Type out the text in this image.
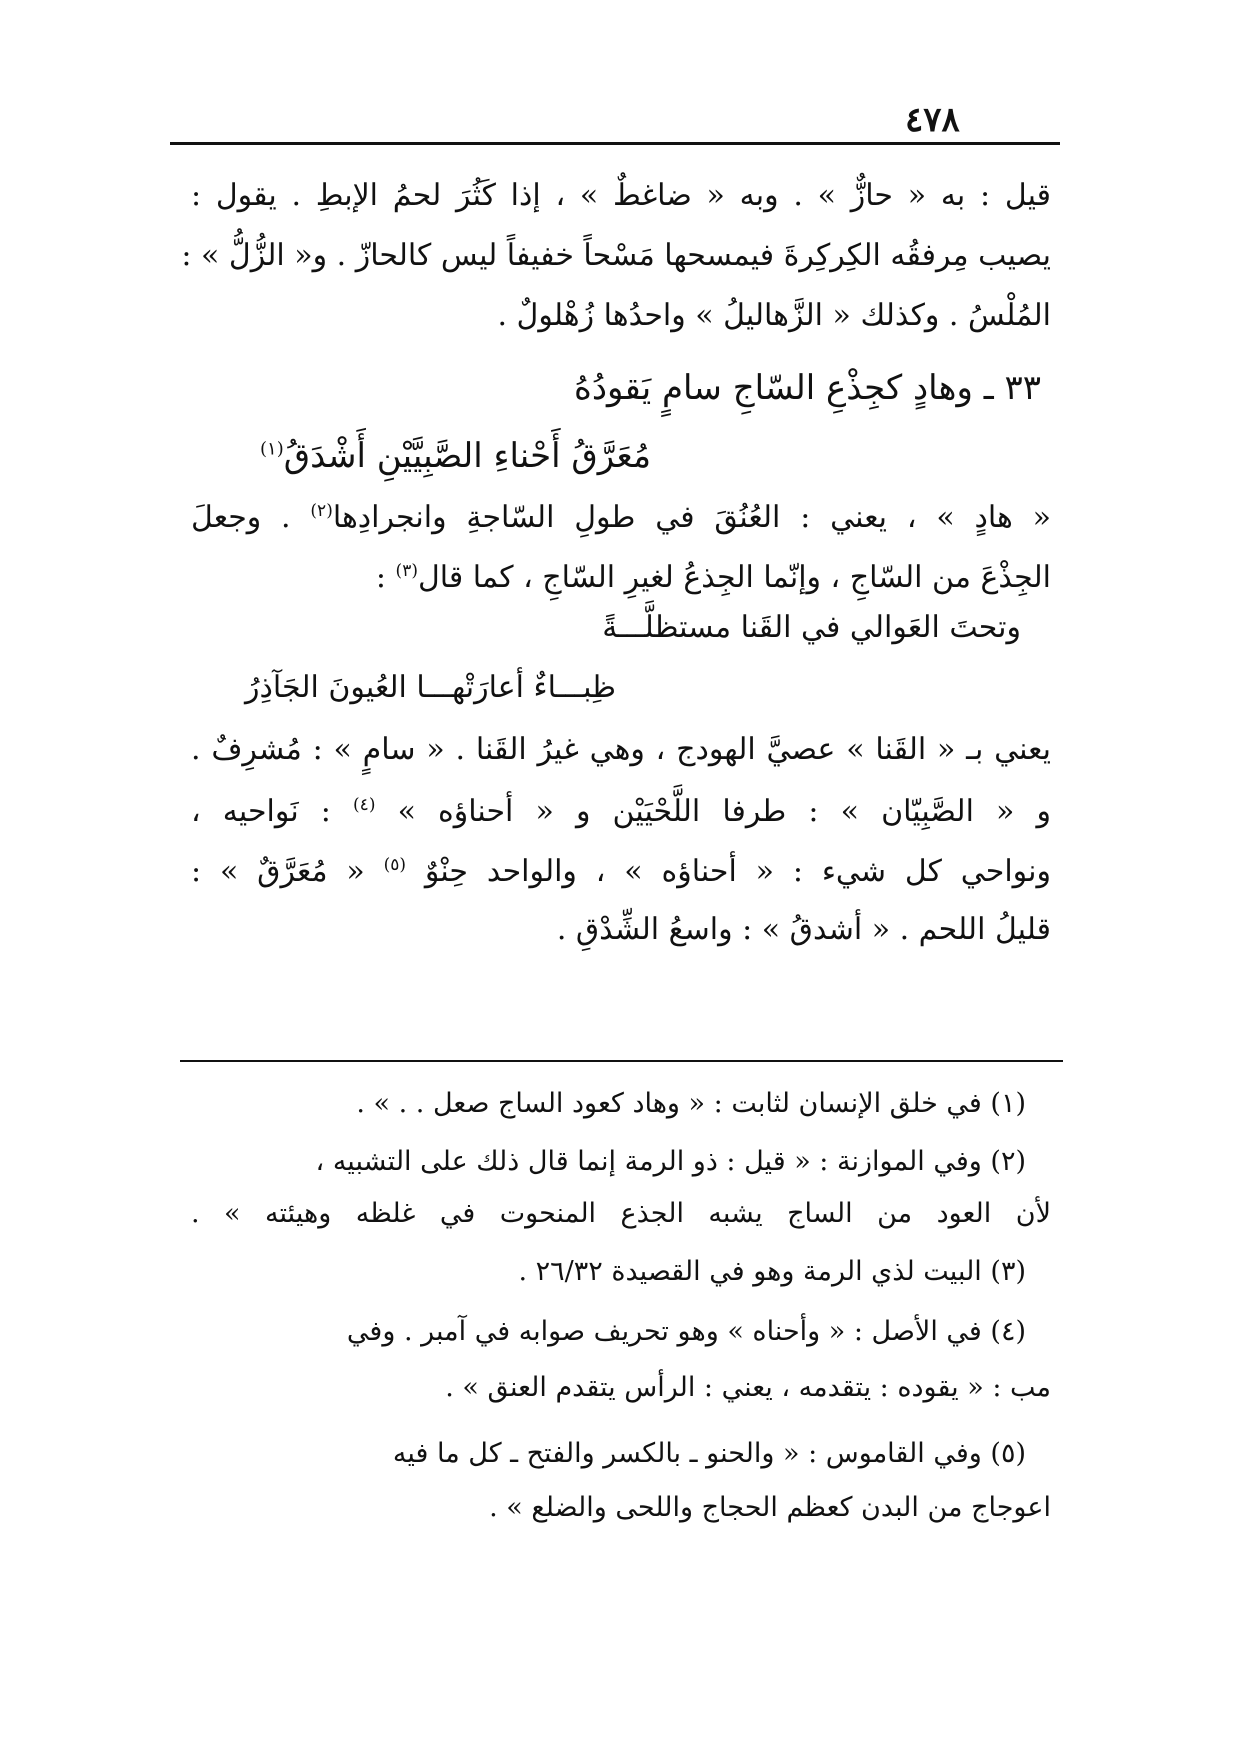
٤٧٨
قيل : به « حازٌّ » . وبه « ضاغطٌ » ، إذا كَثُرَ لحمُ الإبطِ . يقول :
يصيب مِرفقُه الكِركِرةَ فيمسحها مَسْحاً خفيفاً ليس كالحازّ . و« الزُّلُّ » :
المُلْسُ . وكذلك « الزَّهاليلُ » واحدُها زُهْلولٌ .
٣٣ ـ وهادٍ كجِذْعِ السّاجِ سامٍ يَقودُهُ
مُعَرَّقُ أَحْناءِ الصَّبِيَّيْنِ أَشْدَقُ$^{(١)}$
« هادٍ » ، يعني : العُنُقَ في طولِ السّاجةِ وانجرادِها$^{(٢)}$ . وجعلَ
الجِذْعَ من السّاجِ ، وإنّما الجِذعُ لغيرِ السّاجِ ، كما قال$^{(٣)}$ :
وتحتَ العَوالي في القَنا مستظلَّـــةً
ظِبـــاءٌ أعارَتْهـــا العُيونَ الجَآذِرُ
يعني بـ « القَنا » عصيَّ الهودج ، وهي غيرُ القَنا . « سامٍ » : مُشرِفٌ .
و « الصَّبِيّان » : طرفا اللَّحْيَيْن و « أحناؤه » $^{(٤)}$ : نَواحيه ،
ونواحي كل شيء : « أحناؤه » ، والواحد حِنْوٌ $^{(٥)}$ « مُعَرَّقٌ » :
قليلُ اللحم . « أشدقُ » : واسعُ الشِّدْقِ .
(١) في خلق الإنسان لثابت : « وهاد كعود الساج صعل . . » .
(٢) وفي الموازنة : « قيل : ذو الرمة إنما قال ذلك على التشبيه ،
لأن العود من الساج يشبه الجذع المنحوت في غلظه وهيئته » .
(٣) البيت لذي الرمة وهو في القصيدة ٢٦/٣٢ .
(٤) في الأصل : « وأحناه » وهو تحريف صوابه في آمبر . وفي
مب : « يقوده : يتقدمه ، يعني : الرأس يتقدم العنق » .
(٥) وفي القاموس : « والحنو ـ بالكسر والفتح ـ كل ما فيه
اعوجاج من البدن كعظم الحجاج واللحى والضلع » .
